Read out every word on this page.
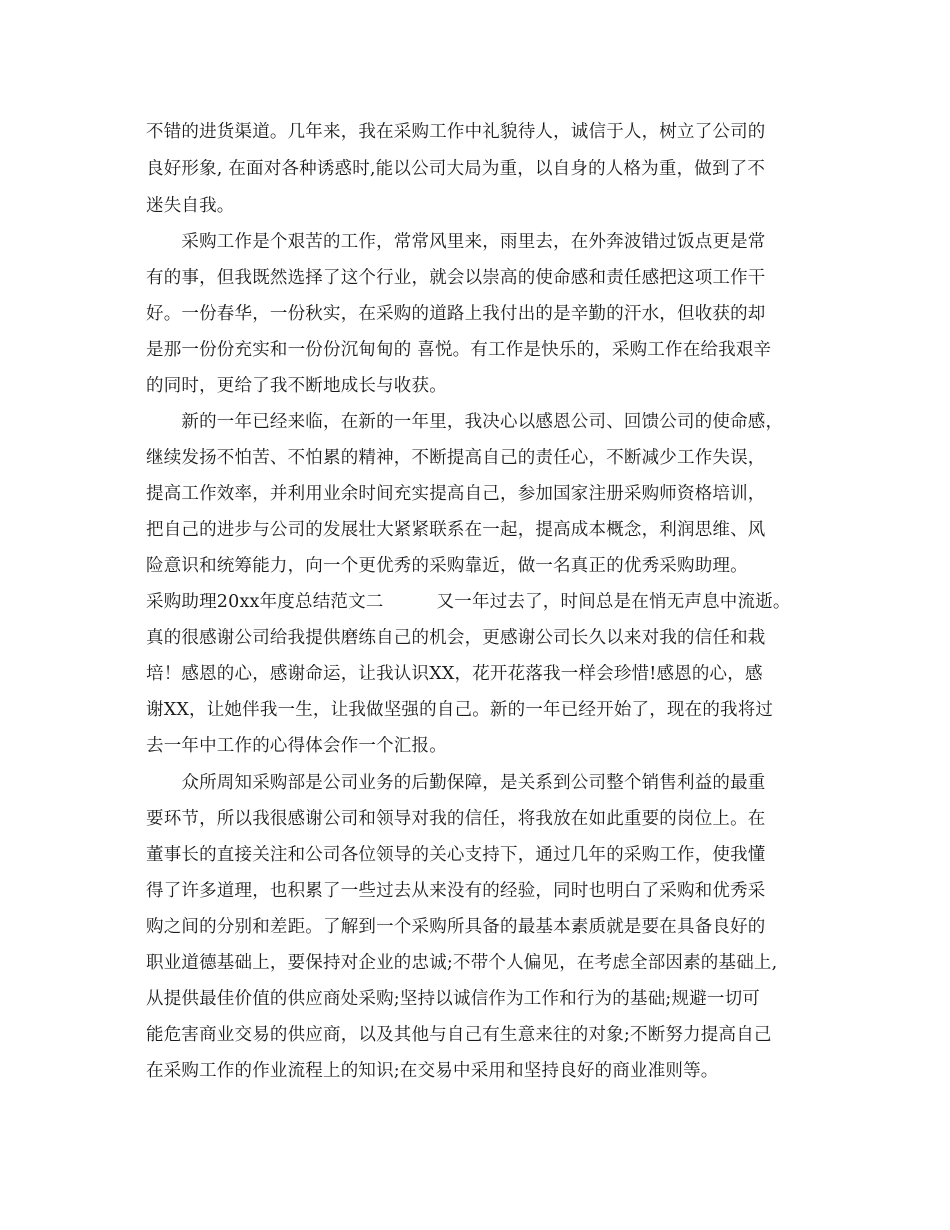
不错的进货渠道。几年来，我在采购工作中礼貌待人，诚信于人，树立了公司的
良好形象, 在面对各种诱惑时,能以公司大局为重，以自身的人格为重，做到了不
迷失自我。
　　采购工作是个艰苦的工作，常常风里来，雨里去，在外奔波错过饭点更是常
有的事，但我既然选择了这个行业，就会以崇高的使命感和责任感把这项工作干
好。一份春华，一份秋实，在采购的道路上我付出的是辛勤的汗水，但收获的却
是那一份份充实和一份份沉甸甸的 喜悦。有工作是快乐的，采购工作在给我艰辛
的同时，更给了我不断地成长与收获。
　　新的一年已经来临，在新的一年里，我决心以感恩公司、回馈公司的使命感，
继续发扬不怕苦、不怕累的精神，不断提高自己的责任心，不断减少工作失误，
提高工作效率，并利用业余时间充实提高自己，参加国家注册采购师资格培训，
把自己的进步与公司的发展壮大紧紧联系在一起，提高成本概念，利润思维、风
险意识和统筹能力，向一个更优秀的采购靠近，做一名真正的优秀采购助理。
采购助理20xx年度总结范文二　　　又一年过去了，时间总是在悄无声息中流逝。
真的很感谢公司给我提供磨练自己的机会，更感谢公司长久以来对我的信任和栽
培！感恩的心，感谢命运，让我认识XX，花开花落我一样会珍惜!感恩的心，感
谢XX，让她伴我一生，让我做坚强的自己。新的一年已经开始了，现在的我将过
去一年中工作的心得体会作一个汇报。
　　众所周知采购部是公司业务的后勤保障，是关系到公司整个销售利益的最重
要环节，所以我很感谢公司和领导对我的信任，将我放在如此重要的岗位上。在
董事长的直接关注和公司各位领导的关心支持下，通过几年的采购工作，使我懂
得了许多道理，也积累了一些过去从来没有的经验，同时也明白了采购和优秀采
购之间的分别和差距。了解到一个采购所具备的最基本素质就是要在具备良好的
职业道德基础上，要保持对企业的忠诚;不带个人偏见，在考虑全部因素的基础上,
从提供最佳价值的供应商处采购;坚持以诚信作为工作和行为的基础;规避一切可
能危害商业交易的供应商，以及其他与自己有生意来往的对象;不断努力提高自己
在采购工作的作业流程上的知识;在交易中采用和坚持良好的商业准则等。
